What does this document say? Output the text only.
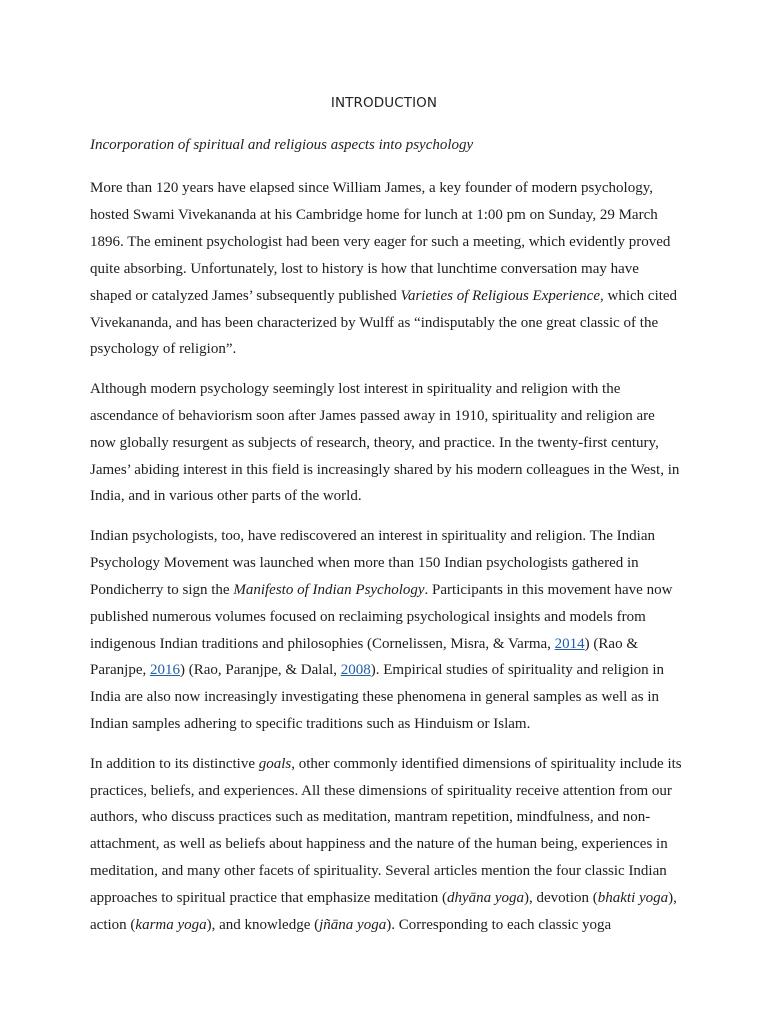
INTRODUCTION
Incorporation of spiritual and religious aspects into psychology

More than 120 years have elapsed since William James, a key founder of modern psychology, hosted Swami Vivekananda at his Cambridge home for lunch at 1:00 pm on Sunday, 29 March 1896. The eminent psychologist had been very eager for such a meeting, which evidently proved quite absorbing. Unfortunately, lost to history is how that lunchtime conversation may have shaped or catalyzed James’ subsequently published Varieties of Religious Experience, which cited Vivekananda, and has been characterized by Wulff as “indisputably the one great classic of the psychology of religion”.

Although modern psychology seemingly lost interest in spirituality and religion with the ascendance of behaviorism soon after James passed away in 1910, spirituality and religion are now globally resurgent as subjects of research, theory, and practice. In the twenty-first century, James’ abiding interest in this field is increasingly shared by his modern colleagues in the West, in India, and in various other parts of the world.

Indian psychologists, too, have rediscovered an interest in spirituality and religion. The Indian Psychology Movement was launched when more than 150 Indian psychologists gathered in Pondicherry to sign the Manifesto of Indian Psychology. Participants in this movement have now published numerous volumes focused on reclaiming psychological insights and models from indigenous Indian traditions and philosophies (Cornelissen, Misra, & Varma, 2014) (Rao & Paranjpe, 2016) (Rao, Paranjpe, & Dalal, 2008). Empirical studies of spirituality and religion in India are also now increasingly investigating these phenomena in general samples as well as in Indian samples adhering to specific traditions such as Hinduism or Islam.

In addition to its distinctive goals, other commonly identified dimensions of spirituality include its practices, beliefs, and experiences. All these dimensions of spirituality receive attention from our authors, who discuss practices such as meditation, mantram repetition, mindfulness, and non-attachment, as well as beliefs about happiness and the nature of the human being, experiences in meditation, and many other facets of spirituality. Several articles mention the four classic Indian approaches to spiritual practice that emphasize meditation (dhyāna yoga), devotion (bhakti yoga), action (karma yoga), and knowledge (jñāna yoga). Corresponding to each classic yoga
